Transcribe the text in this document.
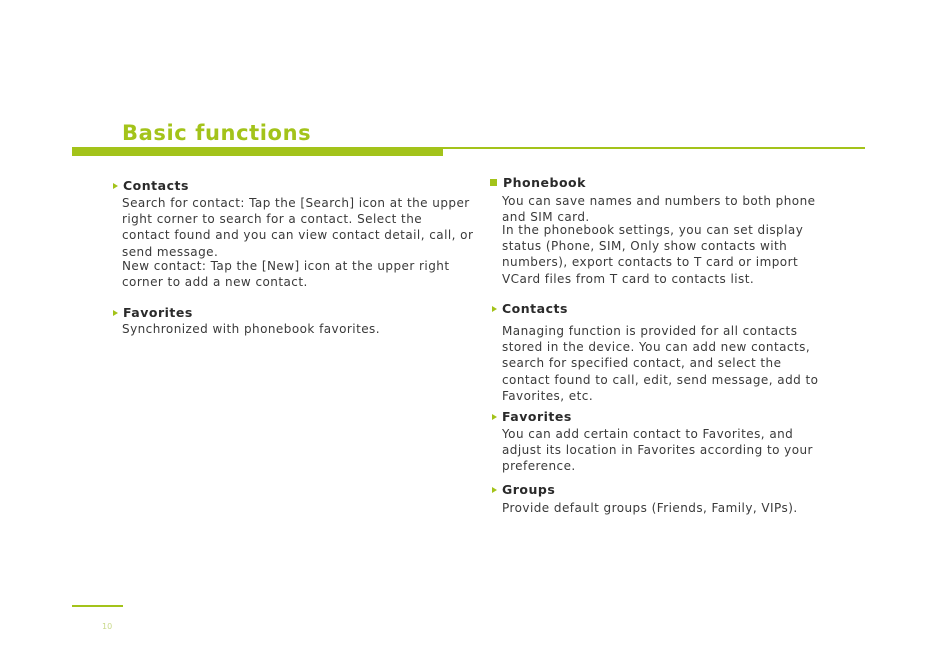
Basic functions
Contacts

Search for contact: Tap the [Search] icon at the upper right corner to search for a contact. Select the contact found and you can view contact detail, call, or send message.

New contact: Tap the [New] icon at the upper right corner to add a new contact.

Favorites

Synchronized with phonebook favorites.

Phonebook

You can save names and numbers to both phone and SIM card.

In the phonebook settings, you can set display status (Phone, SIM, Only show contacts with numbers), export contacts to T card or import VCard files from T card to contacts list.

Contacts

Managing function is provided for all contacts stored in the device. You can add new contacts, search for specified contact, and select the contact found to call, edit, send message, add to Favorites, etc.

Favorites

You can add certain contact to Favorites, and adjust its location in Favorites according to your preference.

Groups

Provide default groups (Friends, Family, VIPs).

10
